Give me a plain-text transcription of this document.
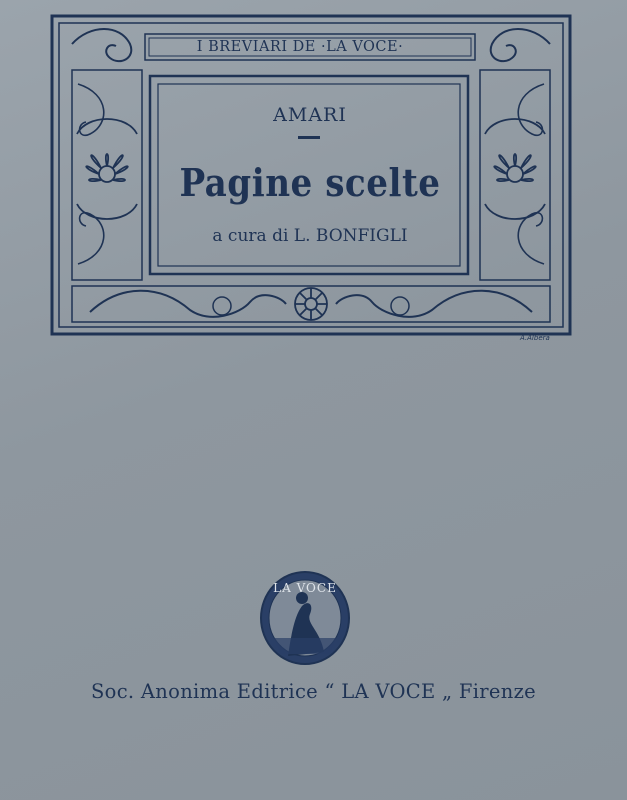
I BREVIARI DE ·LA VOCE·
AMARI
Pagine scelte
a cura di L. BONFIGLI
A.Albera
LA VOCE
Soc. Anonima Editrice “ LA VOCE „ Firenze
